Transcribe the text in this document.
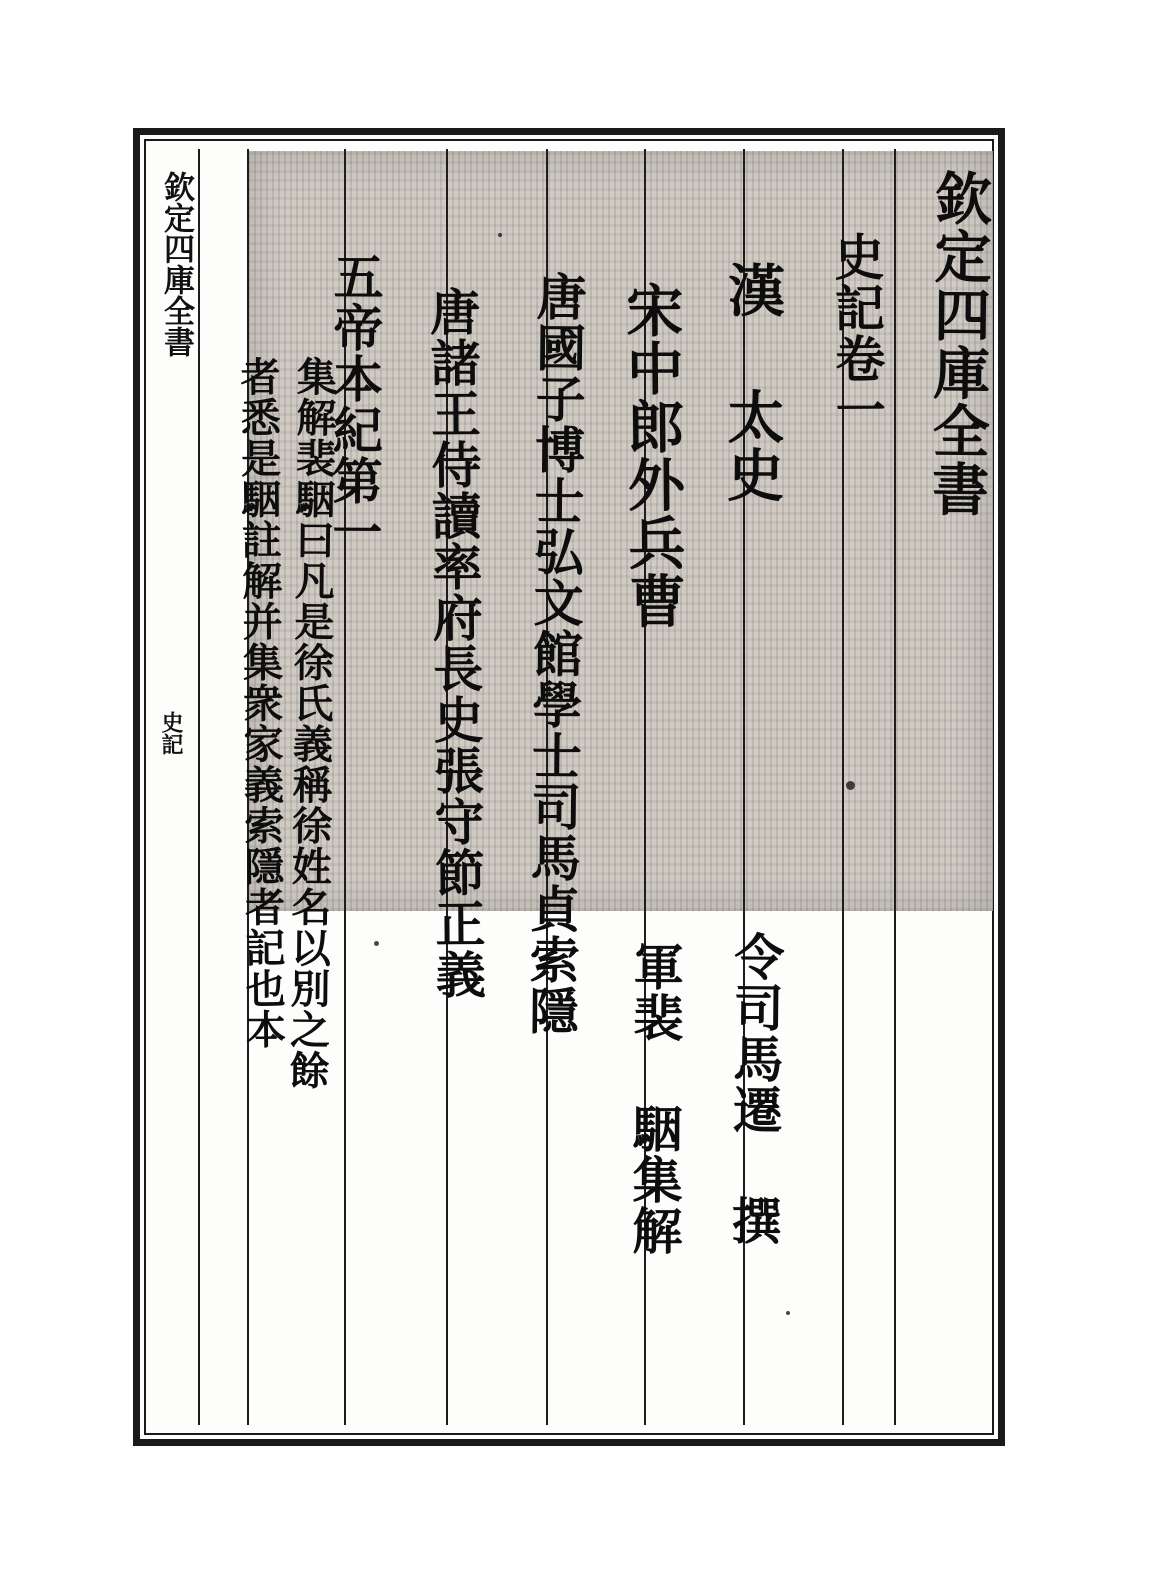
欽定四庫全書
史記卷一
漢 太史
令司馬遷 撰
宋中郎外兵曹
軍裴 駰集解
唐國子博士弘文館學士司馬貞索隱
唐諸王侍讀率府長史張守節正義
五帝本紀第一
集解裴駰曰凡是徐氏義稱徐姓名以別之餘
者悉是駰註解并集衆家義索隱者記也本
欽定四庫全書
史記
